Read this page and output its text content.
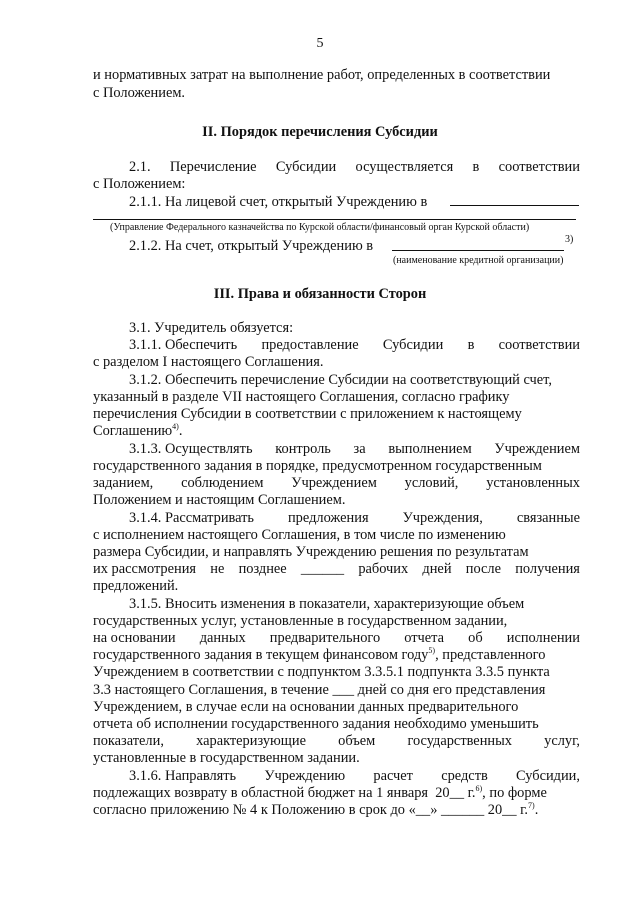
5
и нормативных затрат на выполнение работ, определенных в соответствии
с Положением.
II. Порядок перечисления Субсидии
2.1. Перечисление Субсидии осуществляется в соответствии
с Положением:
2.1.1. На лицевой счет, открытый Учреждению в
(Управление Федерального казначейства по Курской области/финансовый орган Курской области)
2.1.2. На счет, открытый Учреждению в	3)
(наименование кредитной организации)
III. Права и обязанности Сторон
3.1. Учредитель обязуется:
3.1.1. Обеспечить предоставление Субсидии в соответствии
с разделом I настоящего Соглашения.
3.1.2. Обеспечить перечисление Субсидии на соответствующий счет,
указанный в разделе VII настоящего Соглашения, согласно графику
перечисления Субсидии в соответствии с приложением к настоящему
Соглашению$^{4)}$.
3.1.3. Осуществлять контроль за выполнением Учреждением
государственного задания в порядке, предусмотренном государственным
заданием, соблюдением Учреждением условий, установленных
Положением и настоящим Соглашением.
3.1.4. Рассматривать предложения Учреждения, связанные
с исполнением настоящего Соглашения, в том числе по изменению
размера Субсидии, и направлять Учреждению решения по результатам
их рассмотрения не позднее ______ рабочих дней после получения
предложений.
3.1.5. Вносить изменения в показатели, характеризующие объем
государственных услуг, установленные в государственном задании,
на основании данных предварительного отчета об исполнении
государственного задания в текущем финансовом году$^{5)}$, представленного
Учреждением в соответствии с подпунктом 3.3.5.1 подпункта 3.3.5 пункта
3.3 настоящего Соглашения, в течение ___ дней со дня его представления
Учреждением, в случае если на основании данных предварительного
отчета об исполнении государственного задания необходимо уменьшить
показатели, характеризующие объем государственных услуг,
установленные в государственном задании.
3.1.6. Направлять Учреждению расчет средств Субсидии,
подлежащих возврату в областной бюджет на 1 января  20__ г.$^{6)}$, по форме
согласно приложению № 4 к Положению в срок до «__» ______ 20__ г.$^{7)}$.
